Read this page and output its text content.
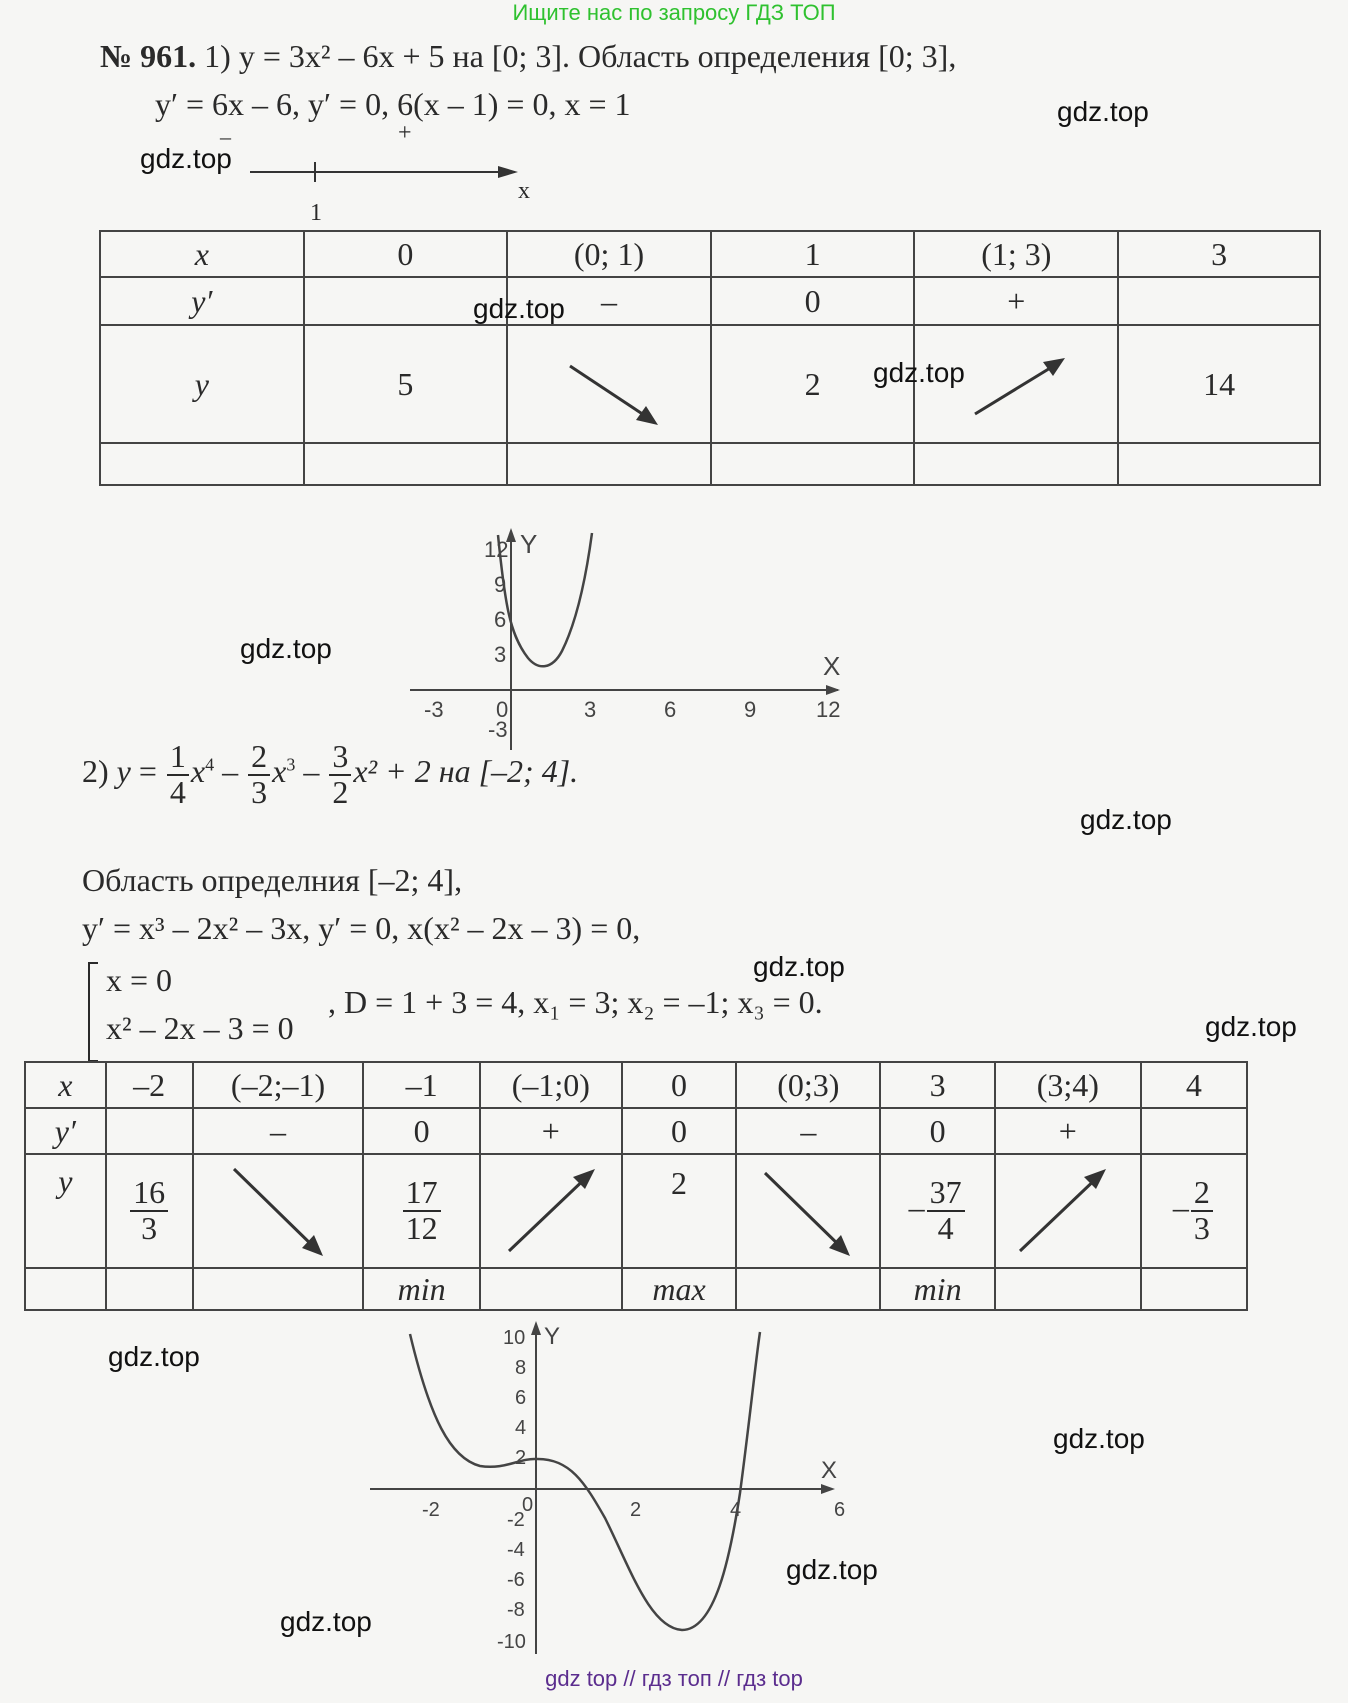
Ищите нас по запросу ГДЗ ТОП
gdz top // гдз топ // гдз top
№ 961. 1) y = 3x² – 6x + 5 на [0; 3]. Область определения [0; 3],
y′ = 6x – 6, y′ = 0, 6(x – 1) = 0, x = 1
–	+
1
x
x	0	(0; 1)	1	(1; 3)	3
y′		–	0	+	
y	5		2		14

X
Y
-3 0	3	6	9	12
12
9
6
3
-3
2) $y = \frac{1}{4} x^4 - \frac{2}{3} x^3 - \frac{3}{2} x^2 + 2$ на [–2; 4].
Область определния [–2; 4],
y′ = x³ – 2x² – 3x, y′ = 0, x(x² – 2x – 3) = 0,
x = 0
x² – 2x – 3 = 0
, D = 1 + 3 = 4, x₁ = 3; x₂ = –1; x₃ = 0.
x	–2	(–2;–1)	–1	(–1;0)	0	(0;3)	3	(3;4)	4
y′		–	0	+	0	–	0	+	
y	$\frac{16}{3}$		$\frac{17}{12}$		2		– $\frac{37}{4}$		– $\frac{2}{3}$

			min		max		min		
X
Y
-2	0	2	4	6
10
8
6
4
2
-2
-4
-6
-8
-10
gdz.top
gdz.top
gdz.top
gdz.top
gdz.top
gdz.top
gdz.top
gdz.top
gdz.top
gdz.top
gdz.top
gdz.top
